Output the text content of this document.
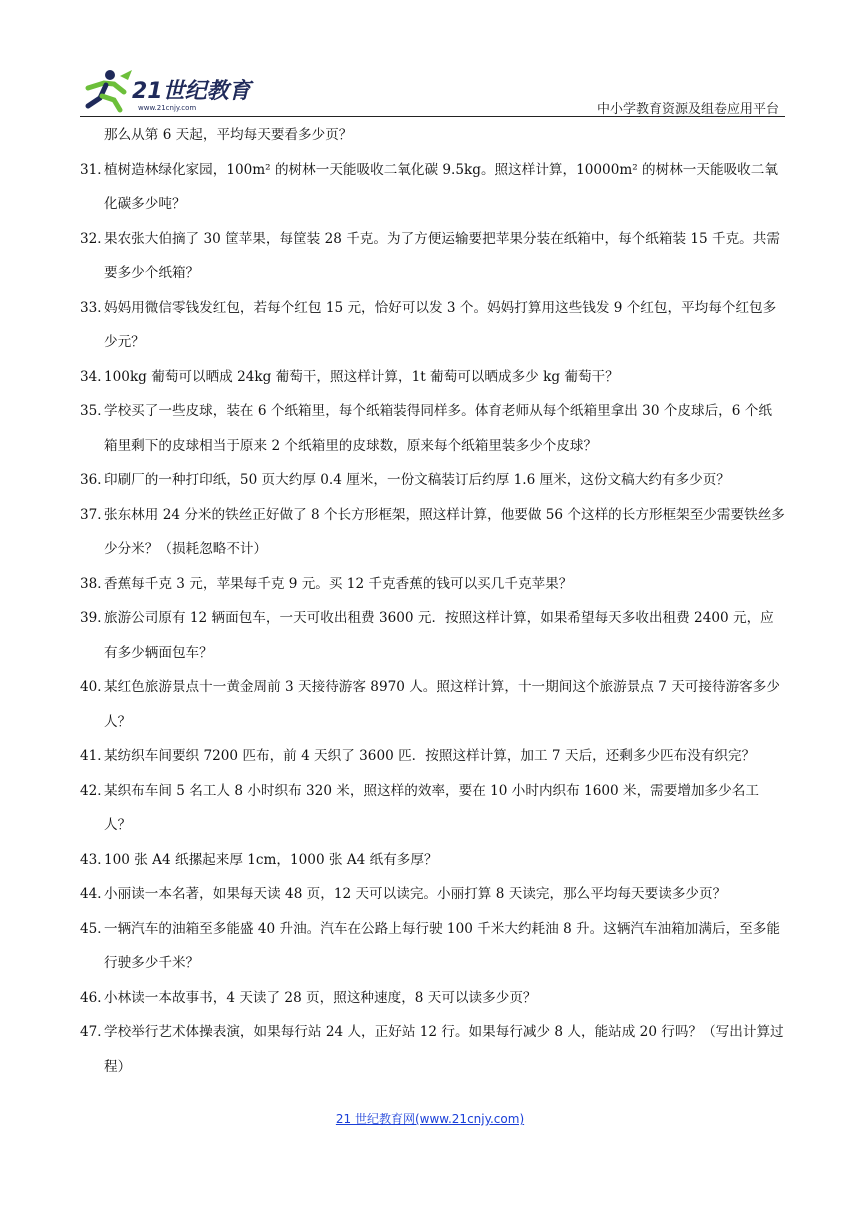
21世纪教育
www.21cnjy.com	中小学教育资源及组卷应用平台

那么从第 6 天起，平均每天要看多少页？

31．植树造林绿化家园，100m² 的树林一天能吸收二氧化碳 9.5kg。照这样计算，10000m² 的树林一天能吸收二氧化碳多少吨？

32．果农张大伯摘了 30 筐苹果，每筐装 28 千克。为了方便运输要把苹果分装在纸箱中，每个纸箱装 15 千克。共需要多少个纸箱？

33．妈妈用微信零钱发红包，若每个红包 15 元，恰好可以发 3 个。妈妈打算用这些钱发 9 个红包，平均每个红包多少元？

34．100kg 葡萄可以晒成 24kg 葡萄干，照这样计算，1t 葡萄可以晒成多少 kg 葡萄干？

35．学校买了一些皮球，装在 6 个纸箱里，每个纸箱装得同样多。体育老师从每个纸箱里拿出 30 个皮球后，6 个纸箱里剩下的皮球相当于原来 2 个纸箱里的皮球数，原来每个纸箱里装多少个皮球？

36．印刷厂的一种打印纸，50 页大约厚 0.4 厘米，一份文稿装订后约厚 1.6 厘米，这份文稿大约有多少页？

37．张东林用 24 分米的铁丝正好做了 8 个长方形框架，照这样计算，他要做 56 个这样的长方形框架至少需要铁丝多少分米？（损耗忽略不计）

38．香蕉每千克 3 元，苹果每千克 9 元。买 12 千克香蕉的钱可以买几千克苹果？

39．旅游公司原有 12 辆面包车，一天可收出租费 3600 元．按照这样计算，如果希望每天多收出租费 2400 元，应有多少辆面包车？

40．某红色旅游景点十一黄金周前 3 天接待游客 8970 人。照这样计算，十一期间这个旅游景点 7 天可接待游客多少人？

41．某纺织车间要织 7200 匹布，前 4 天织了 3600 匹．按照这样计算，加工 7 天后，还剩多少匹布没有织完？

42．某织布车间 5 名工人 8 小时织布 320 米，照这样的效率，要在 10 小时内织布 1600 米，需要增加多少名工人？

43．100 张 A4 纸摞起来厚 1cm，1000 张 A4 纸有多厚？

44．小丽读一本名著，如果每天读 48 页，12 天可以读完。小丽打算 8 天读完，那么平均每天要读多少页？

45．一辆汽车的油箱至多能盛 40 升油。汽车在公路上每行驶 100 千米大约耗油 8 升。这辆汽车油箱加满后，至多能行驶多少千米？

46．小林读一本故事书，4 天读了 28 页，照这种速度，8 天可以读多少页？

47．学校举行艺术体操表演，如果每行站 24 人，正好站 12 行。如果每行减少 8 人，能站成 20 行吗？（写出计算过程）

21 世纪教育网(www.21cnjy.com)
